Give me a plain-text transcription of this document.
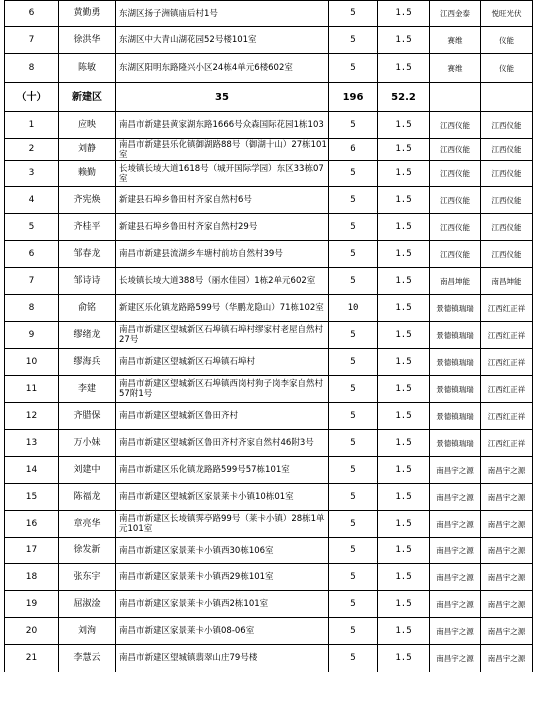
6	黄勤勇	东湖区扬子洲镇庙后村1号	5	1.5	江西金泰	悦旺光伏
7	徐洪华	东湖区中大青山湖花园52号楼101室	5	1.5	赛维	仪能
8	陈敏	东湖区阳明东路隆兴小区24栋4单元6楼602室	5	1.5	赛维	仪能
（十）	新建区	35	196	52.2		
1	应映	南昌市新建县黄家湖东路1666号众森国际花园1栋103	5	1.5	江西仪能	江西仪能
2	刘静	南昌市新建县乐化镇御湖路88号（御湖十山）27栋101室	6	1.5	江西仪能	江西仪能
3	赖勤	长堎镇长堎大道1618号（城开国际学园）东区33栋07室	5	1.5	江西仪能	江西仪能
4	齐宪焕	新建县石埠乡鲁田村齐家自然村6号	5	1.5	江西仪能	江西仪能
5	齐桂平	新建县石埠乡鲁田村齐家自然村29号	5	1.5	江西仪能	江西仪能
6	邹春龙	南昌市新建县流湖乡车塘村前坊自然村39号	5	1.5	江西仪能	江西仪能
7	邹诗诗	长堎镇长堎大道388号（丽水佳园）1栋2单元602室	5	1.5	南昌坤能	南昌坤能
8	俞铭	新建区乐化镇龙路路599号（华鹏龙隐山）71栋102室	10	1.5	景德镇瑞瑞	江西红正祥
9	缪绪龙	南昌市新建区望城新区石埠镇石埠村缪家村老屋自然村27号	5	1.5	景德镇瑞瑞	江西红正祥
10	缪海兵	南昌市新建区望城新区石埠镇石埠村	5	1.5	景德镇瑞瑞	江西红正祥
11	李建	南昌市新建区望城新区石埠镇西岗村狗子岗李家自然村57附1号	5	1.5	景德镇瑞瑞	江西红正祥
12	齐腊保	南昌市新建区望城新区鲁田齐村	5	1.5	景德镇瑞瑞	江西红正祥
13	万小妹	南昌市新建区望城新区鲁田齐村齐家自然村46附3号	5	1.5	景德镇瑞瑞	江西红正祥
14	刘建中	南昌市新建区乐化镇龙路路599号57栋101室	5	1.5	南昌宇之源	南昌宇之源
15	陈福龙	南昌市新建区望城新区家景莱卡小镇10栋01室	5	1.5	南昌宇之源	南昌宇之源
16	章亮华	南昌市新建区长堎镇霁亭路99号（莱卡小镇）28栋1单元101室	5	1.5	南昌宇之源	南昌宇之源
17	徐发新	南昌市新建区家景莱卡小镇西30栋106室	5	1.5	南昌宇之源	南昌宇之源
18	张东宇	南昌市新建区家景莱卡小镇西29栋101室	5	1.5	南昌宇之源	南昌宇之源
19	屈淑淦	南昌市新建区家景莱卡小镇西2栋101室	5	1.5	南昌宇之源	南昌宇之源
20	刘洵	南昌市新建区家景莱卡小镇08-06室	5	1.5	南昌宇之源	南昌宇之源
21	李慧云	南昌市新建区望城镇翡翠山庄79号楼	5	1.5	南昌宇之源	南昌宇之源
